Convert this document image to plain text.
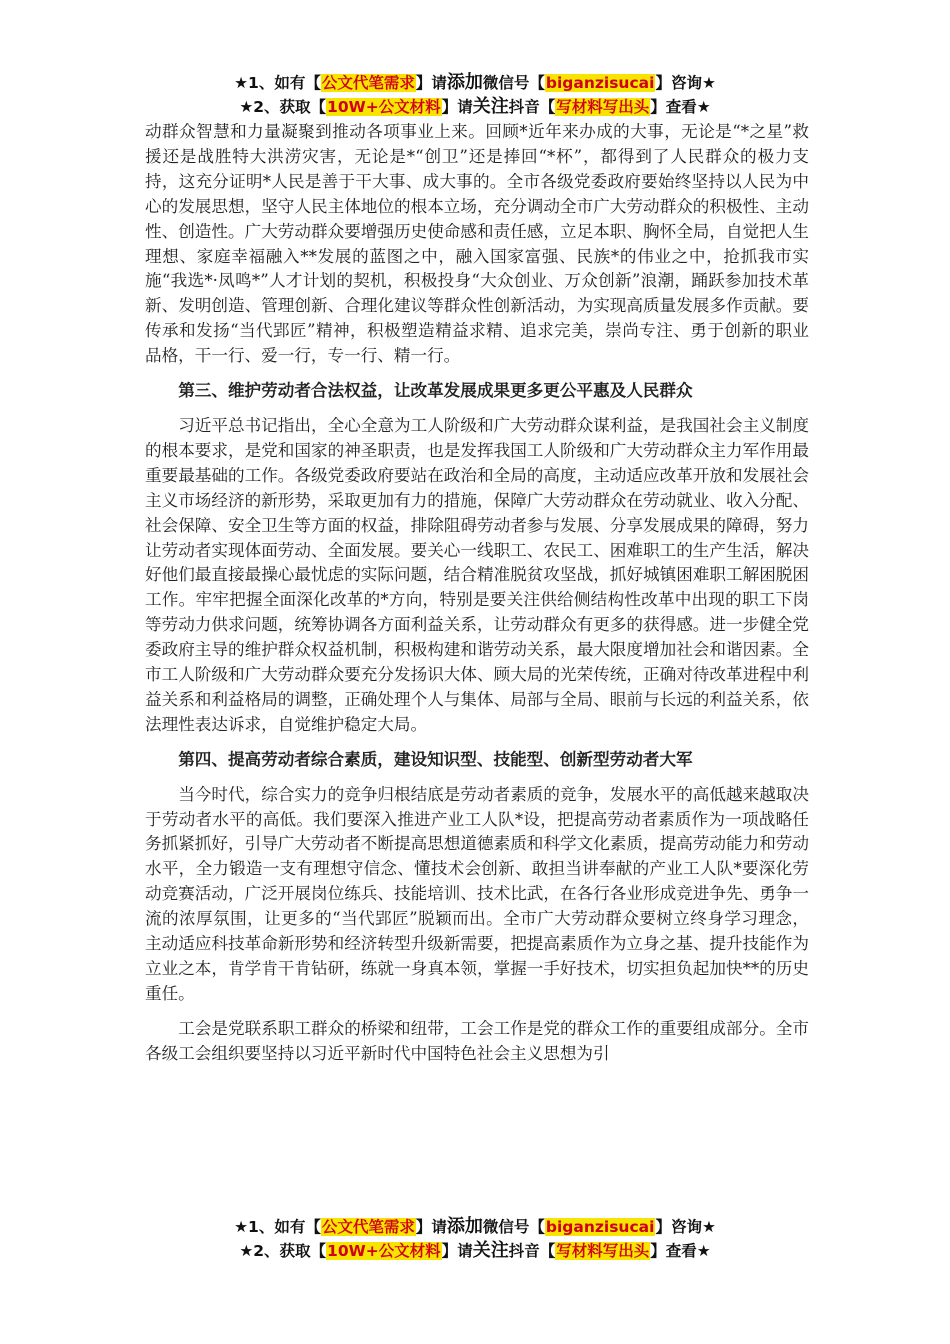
★1、如有【公文代笔需求】请添加微信号【biganzisucai】咨询★
★2、获取【10W+公文材料】请关注抖音【写材料写出头】查看★

动群众智慧和力量凝聚到推动各项事业上来。回顾*近年来办成的大事，无论是“*之星”救援还是战胜特大洪涝灾害，无论是*“创卫”还是捧回“*杯”，都得到了人民群众的极力支持，这充分证明*人民是善于干大事、成大事的。全市各级党委政府要始终坚持以人民为中心的发展思想，坚守人民主体地位的根本立场，充分调动全市广大劳动群众的积极性、主动性、创造性。广大劳动群众要增强历史使命感和责任感，立足本职、胸怀全局，自觉把人生理想、家庭幸福融入**发展的蓝图之中，融入国家富强、民族*的伟业之中，抢抓我市实施“我选*·凤鸣*”人才计划的契机，积极投身“大众创业、万众创新”浪潮，踊跃参加技术革新、发明创造、管理创新、合理化建议等群众性创新活动，为实现高质量发展多作贡献。要传承和发扬“当代郢匠”精神，积极塑造精益求精、追求完美，崇尚专注、勇于创新的职业品格，干一行、爱一行，专一行、精一行。

第三、维护劳动者合法权益，让改革发展成果更多更公平惠及人民群众

习近平总书记指出，全心全意为工人阶级和广大劳动群众谋利益，是我国社会主义制度的根本要求，是党和国家的神圣职责，也是发挥我国工人阶级和广大劳动群众主力军作用最重要最基础的工作。各级党委政府要站在政治和全局的高度，主动适应改革开放和发展社会主义市场经济的新形势，采取更加有力的措施，保障广大劳动群众在劳动就业、收入分配、社会保障、安全卫生等方面的权益，排除阻碍劳动者参与发展、分享发展成果的障碍，努力让劳动者实现体面劳动、全面发展。要关心一线职工、农民工、困难职工的生产生活，解决好他们最直接最操心最忧虑的实际问题，结合精准脱贫攻坚战，抓好城镇困难职工解困脱困工作。牢牢把握全面深化改革的*方向，特别是要关注供给侧结构性改革中出现的职工下岗等劳动力供求问题，统筹协调各方面利益关系，让劳动群众有更多的获得感。进一步健全党委政府主导的维护群众权益机制，积极构建和谐劳动关系，最大限度增加社会和谐因素。全市工人阶级和广大劳动群众要充分发扬识大体、顾大局的光荣传统，正确对待改革进程中利益关系和利益格局的调整，正确处理个人与集体、局部与全局、眼前与长远的利益关系，依法理性表达诉求，自觉维护稳定大局。

第四、提高劳动者综合素质，建设知识型、技能型、创新型劳动者大军

当今时代，综合实力的竞争归根结底是劳动者素质的竞争，发展水平的高低越来越取决于劳动者水平的高低。我们要深入推进产业工人队*设，把提高劳动者素质作为一项战略任务抓紧抓好，引导广大劳动者不断提高思想道德素质和科学文化素质，提高劳动能力和劳动水平，全力锻造一支有理想守信念、懂技术会创新、敢担当讲奉献的产业工人队*要深化劳动竞赛活动，广泛开展岗位练兵、技能培训、技术比武，在各行各业形成竞进争先、勇争一流的浓厚氛围，让更多的“当代郢匠”脱颖而出。全市广大劳动群众要树立终身学习理念，主动适应科技革命新形势和经济转型升级新需要，把提高素质作为立身之基、提升技能作为立业之本，肯学肯干肯钻研，练就一身真本领，掌握一手好技术，切实担负起加快**的历史重任。

工会是党联系职工群众的桥梁和纽带，工会工作是党的群众工作的重要组成部分。全市各级工会组织要坚持以习近平新时代中国特色社会主义思想为引

★1、如有【公文代笔需求】请添加微信号【biganzisucai】咨询★
★2、获取【10W+公文材料】请关注抖音【写材料写出头】查看★
